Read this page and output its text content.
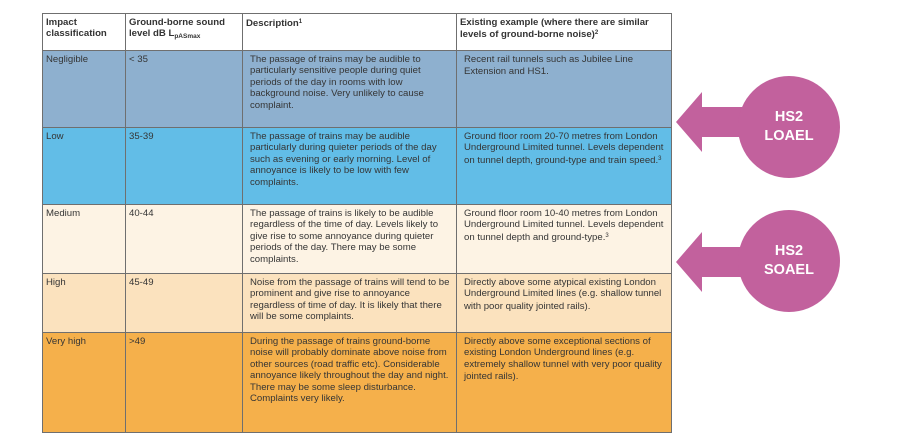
Impact classification	Ground-borne sound level dB $L_{pASmax}$	Description$^1$	Existing example (where there are similar levels of ground-borne noise)$^2$
Negligible	< 35	The passage of trains may be audible to particularly sensitive people during quiet periods of the day in rooms with low background noise. Very unlikely to cause complaint.	Recent rail tunnels such as Jubilee Line Extension and HS1.
Low	35-39	The passage of trains may be audible particularly during quieter periods of the day such as evening or early morning. Level of annoyance is likely to be low with few complaints.	Ground floor room 20-70 metres from London Underground Limited tunnel. Levels dependent on tunnel depth, ground-type and train speed.$^3$
Medium	40-44	The passage of trains is likely to be audible regardless of the time of day. Levels likely to give rise to some annoyance during quieter periods of the day. There may be some complaints.	Ground floor room 10-40 metres from London Underground Limited tunnel. Levels dependent on tunnel depth and ground-type.$^3$
High	45-49	Noise from the passage of trains will tend to be prominent and give rise to annoyance regardless of time of day. It is likely that there will be some complaints.	Directly above some atypical existing London Underground Limited lines (e.g. shallow tunnel with poor quality jointed rails).
Very high	>49	During the passage of trains ground-borne noise will probably dominate above noise from other sources (road traffic etc). Considerable annoyance likely throughout the day and night. There may be some sleep disturbance. Complaints very likely.	Directly above some exceptional sections of existing London Underground lines (e.g. extremely shallow tunnel with very poor quality jointed rails).
HS2
LOAEL
HS2
SOAEL
